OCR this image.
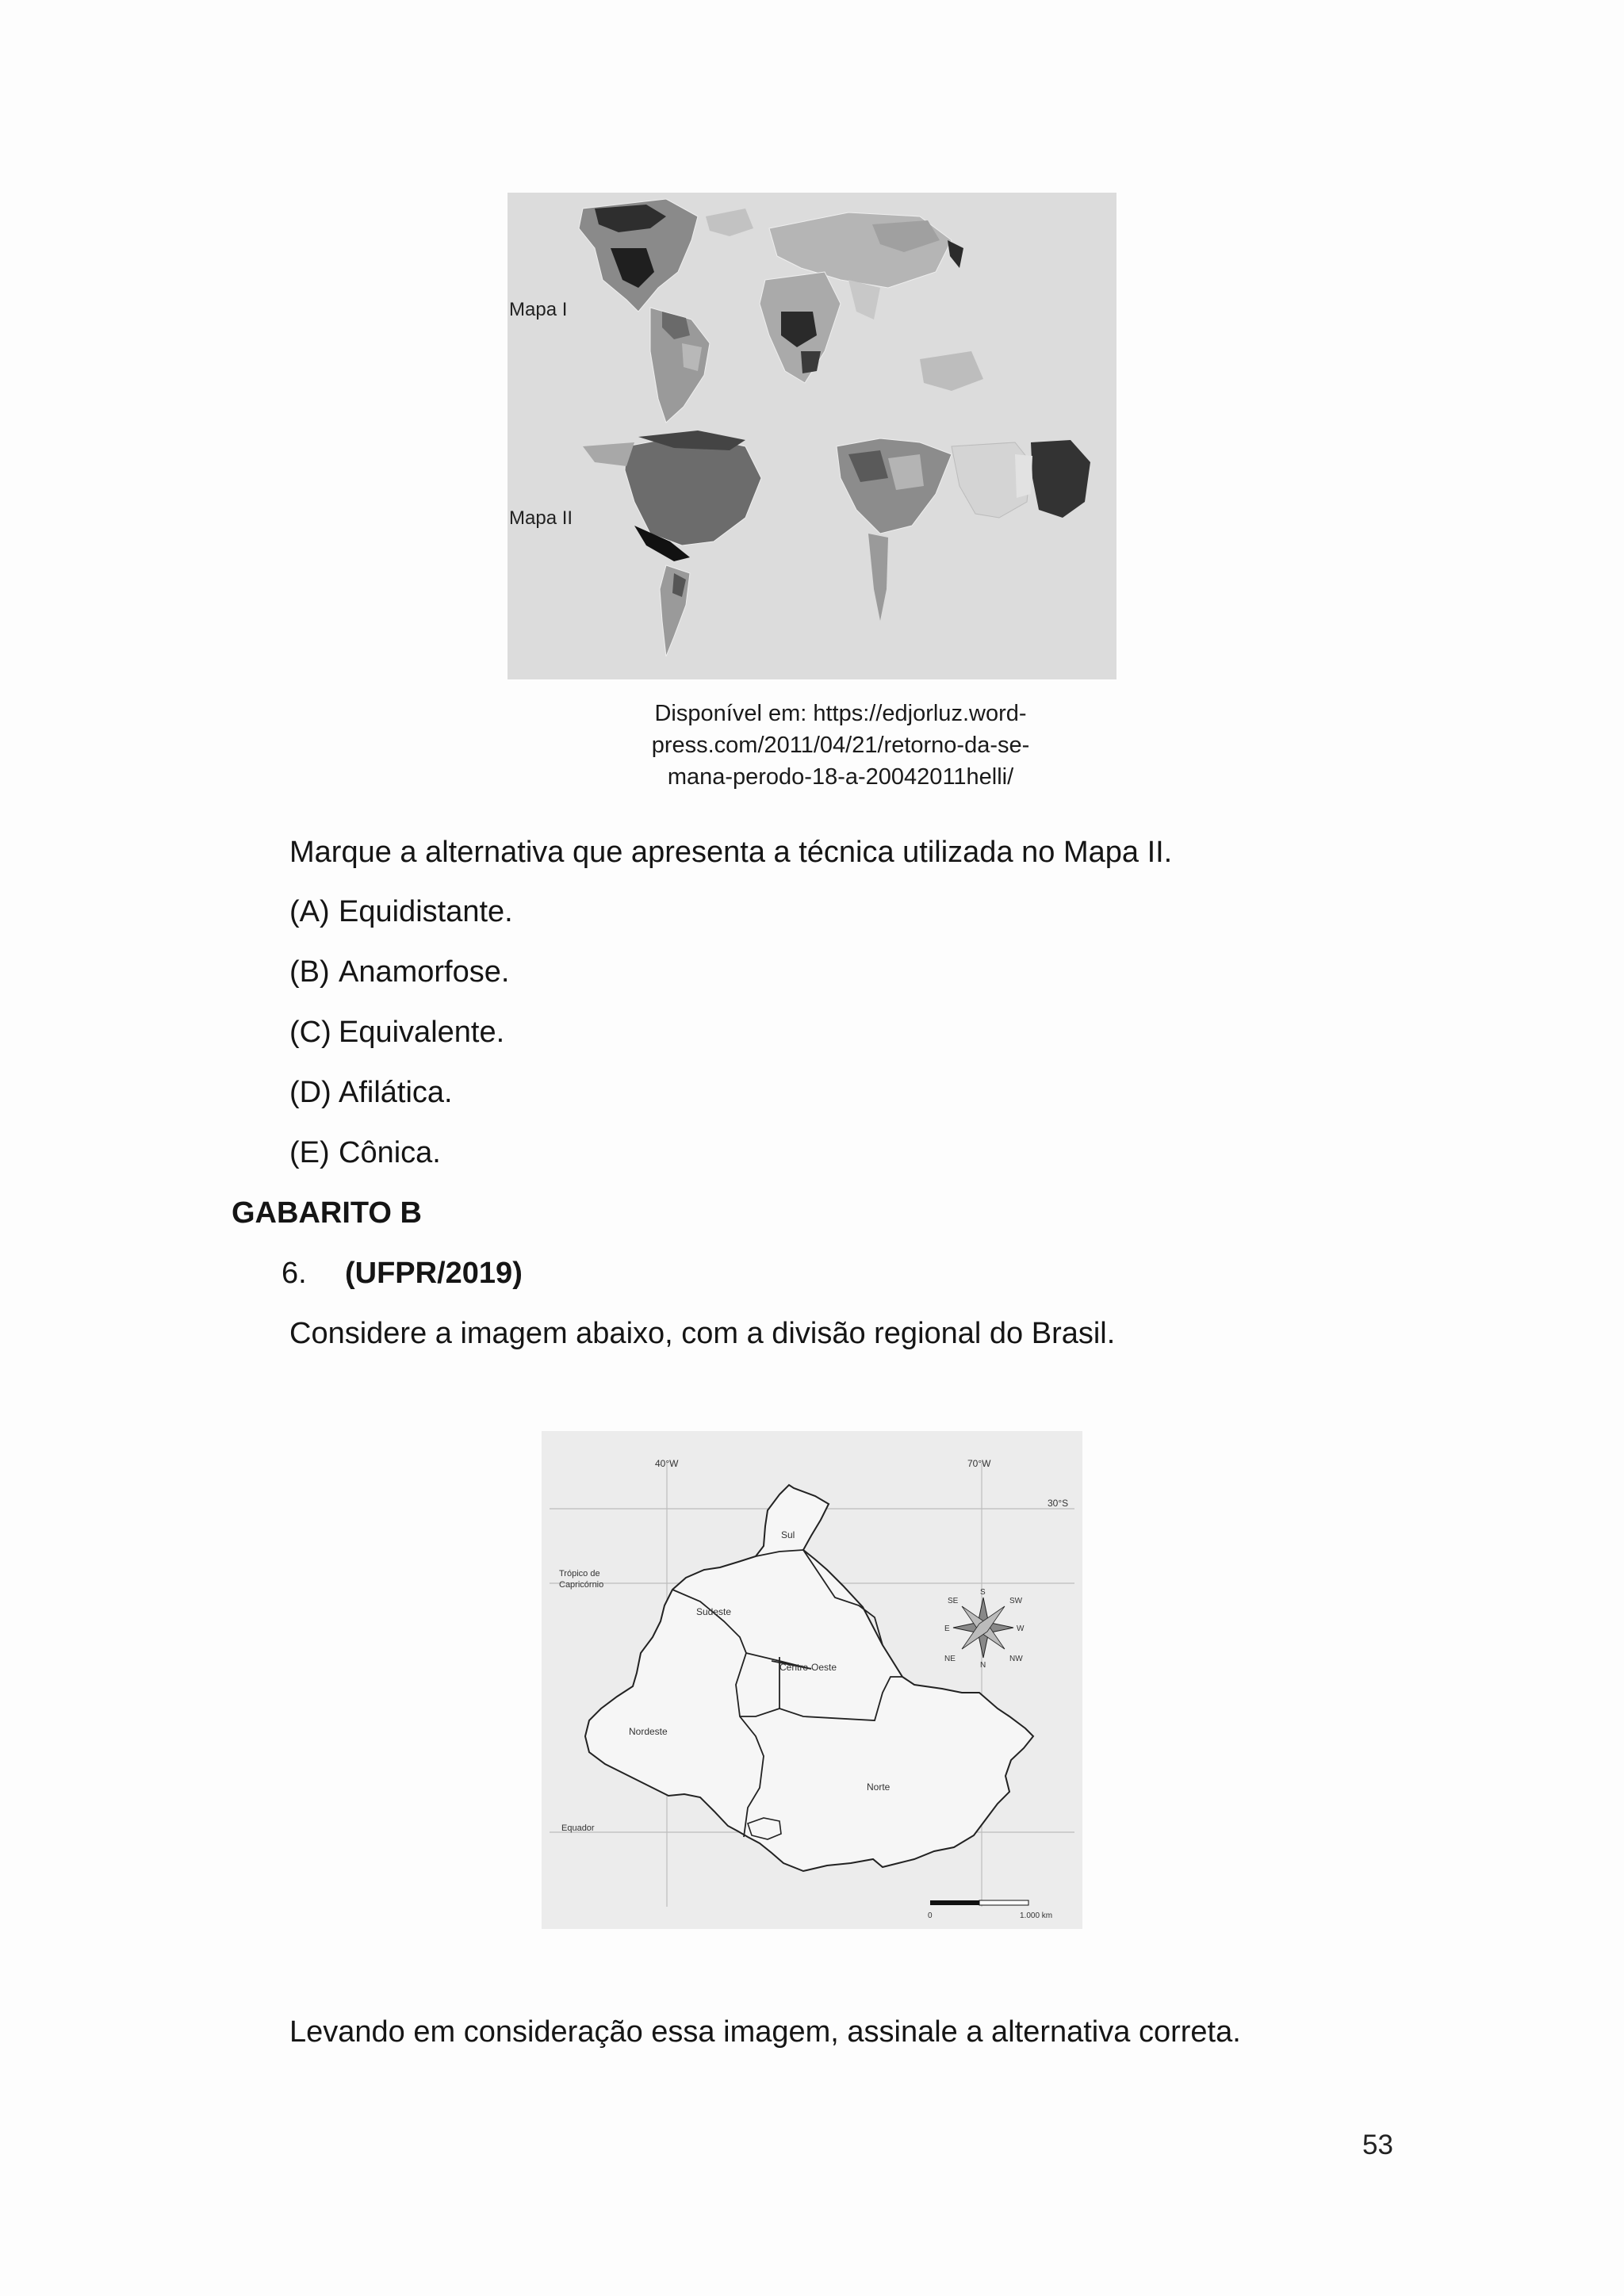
Mapa I
Mapa II
Disponível em: https://edjorluz.word-
press.com/2011/04/21/retorno-da-se-
mana-perodo-18-a-20042011helli/
Marque a alternativa que apresenta a técnica utilizada no Mapa II.
(A) Equidistante.
(B) Anamorfose.
(C) Equivalente.
(D) Afilática.
(E) Cônica.
GABARITO B
6. (UFPR/2019)
Considere a imagem abaixo, com a divisão regional do Brasil.
40°W	70°W
30°S
Trópico de
Capricórnio
Equador
Sul
Sudeste
Centro-Oeste
Nordeste
Norte
S
N
E	W
SE	SW
NE	NW
0	1.000 km
Levando em consideração essa imagem, assinale a alternativa correta.
53
